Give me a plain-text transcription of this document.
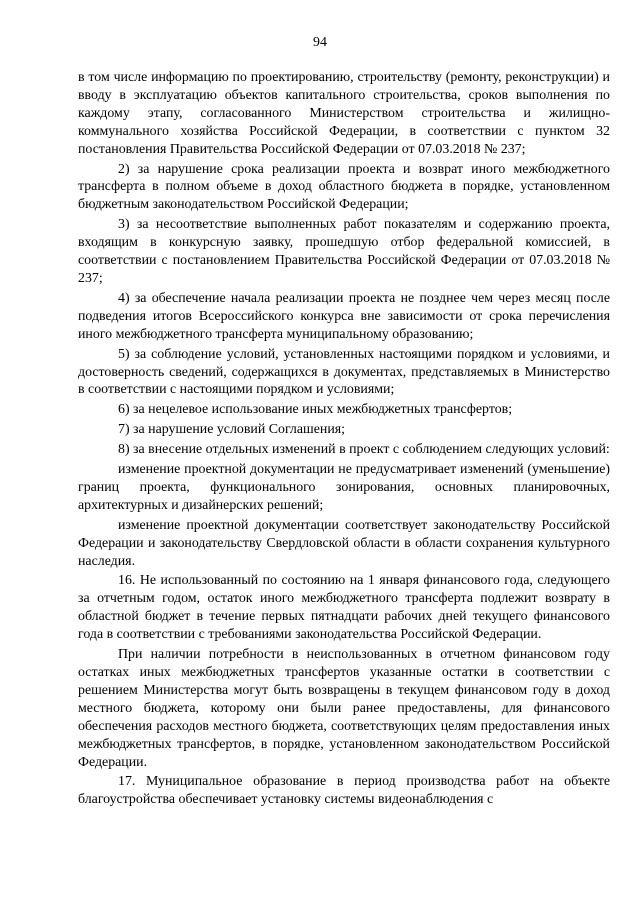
94

в том числе информацию по проектированию, строительству (ремонту, реконструкции) и вводу в эксплуатацию объектов капитального строительства, сроков выполнения по каждому этапу, согласованного Министерством строительства и жилищно-коммунального хозяйства Российской Федерации, в соответствии с пунктом 32 постановления Правительства Российской Федерации от 07.03.2018 № 237;

2) за нарушение срока реализации проекта и возврат иного межбюджетного трансферта в полном объеме в доход областного бюджета в порядке, установленном бюджетным законодательством Российской Федерации;

3) за несоответствие выполненных работ показателям и содержанию проекта, входящим в конкурсную заявку, прошедшую отбор федеральной комиссией, в соответствии с постановлением Правительства Российской Федерации от 07.03.2018 № 237;

4) за обеспечение начала реализации проекта не позднее чем через месяц после подведения итогов Всероссийского конкурса вне зависимости от срока перечисления иного межбюджетного трансферта муниципальному образованию;

5) за соблюдение условий, установленных настоящими порядком и условиями, и достоверность сведений, содержащихся в документах, представляемых в Министерство в соответствии с настоящими порядком и условиями;

6) за нецелевое использование иных межбюджетных трансфертов;

7) за нарушение условий Соглашения;

8) за внесение отдельных изменений в проект с соблюдением следующих условий:

изменение проектной документации не предусматривает изменений (уменьшение) границ проекта, функционального зонирования, основных планировочных, архитектурных и дизайнерских решений;

изменение проектной документации соответствует законодательству Российской Федерации и законодательству Свердловской области в области сохранения культурного наследия.

16. Не использованный по состоянию на 1 января финансового года, следующего за отчетным годом, остаток иного межбюджетного трансферта подлежит возврату в областной бюджет в течение первых пятнадцати рабочих дней текущего финансового года в соответствии с требованиями законодательства Российской Федерации.

При наличии потребности в неиспользованных в отчетном финансовом году остатках иных межбюджетных трансфертов указанные остатки в соответствии с решением Министерства могут быть возвращены в текущем финансовом году в доход местного бюджета, которому они были ранее предоставлены, для финансового обеспечения расходов местного бюджета, соответствующих целям предоставления иных межбюджетных трансфертов, в порядке, установленном законодательством Российской Федерации.

17. Муниципальное образование в период производства работ на объекте благоустройства обеспечивает установку системы видеонаблюдения с
